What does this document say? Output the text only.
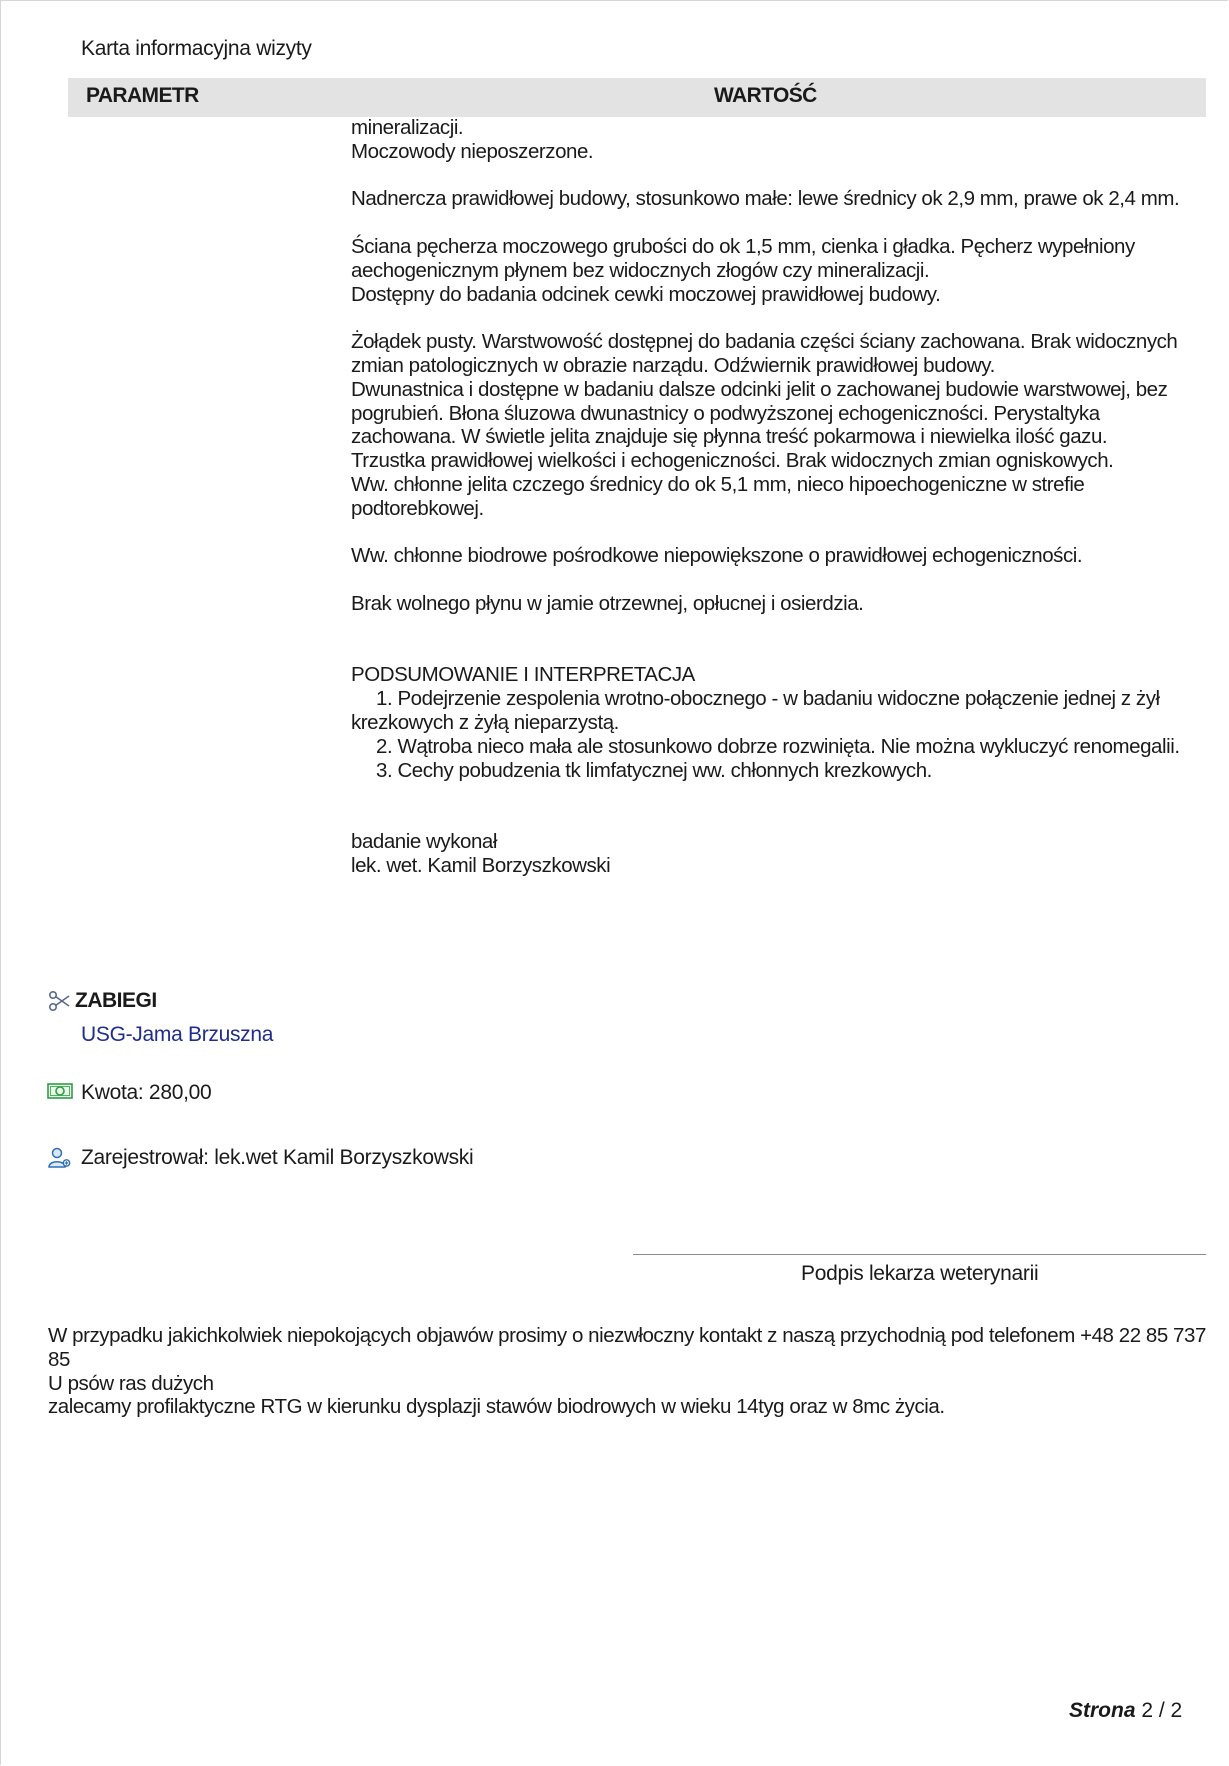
Karta informacyjna wizyty
PARAMETR	WARTOŚĆ

mineralizacji.

Moczowody nieposzerzone.

Nadnercza prawidłowej budowy, stosunkowo małe: lewe średnicy ok 2,9 mm, prawe ok 2,4 mm.

Ściana pęcherza moczowego grubości do ok 1,5 mm, cienka i gładka. Pęcherz wypełniony aechogenicznym płynem bez widocznych złogów czy mineralizacji.

Dostępny do badania odcinek cewki moczowej prawidłowej budowy.

Żołądek pusty. Warstwowość dostępnej do badania części ściany zachowana. Brak widocznych zmian patologicznych w obrazie narządu. Odźwiernik prawidłowej budowy.

Dwunastnica i dostępne w badaniu dalsze odcinki jelit o zachowanej budowie warstwowej, bez pogrubień. Błona śluzowa dwunastnicy o podwyższonej echogeniczności. Perystaltyka zachowana. W świetle jelita znajduje się płynna treść pokarmowa i niewielka ilość gazu.

Trzustka prawidłowej wielkości i echogeniczności. Brak widocznych zmian ogniskowych.

Ww. chłonne jelita czczego średnicy do ok 5,1 mm, nieco hipoechogeniczne w strefie podtorebkowej.

Ww. chłonne biodrowe pośrodkowe niepowiększone o prawidłowej echogeniczności.

Brak wolnego płynu w jamie otrzewnej, opłucnej i osierdzia.

PODSUMOWANIE I INTERPRETACJA

1. Podejrzenie zespolenia wrotno-obocznego - w badaniu widoczne połączenie jednej z żył krezkowych z żyłą nieparzystą.

2. Wątroba nieco mała ale stosunkowo dobrze rozwinięta. Nie można wykluczyć renomegalii.

3. Cechy pobudzenia tk limfatycznej ww. chłonnych krezkowych.

badanie wykonał

lek. wet. Kamil Borzyszkowski

ZABIEGI
USG-Jama Brzuszna
Kwota: 280,00
Zarejestrował: lek.wet Kamil Borzyszkowski
Podpis lekarza weterynarii

W przypadku jakichkolwiek niepokojących objawów prosimy o niezwłoczny kontakt z naszą przychodnią pod telefonem +48 22 85 737 85

U psów ras dużych

zalecamy profilaktyczne RTG w kierunku dysplazji stawów biodrowych w wieku 14tyg oraz w 8mc życia.

Strona 2 / 2
